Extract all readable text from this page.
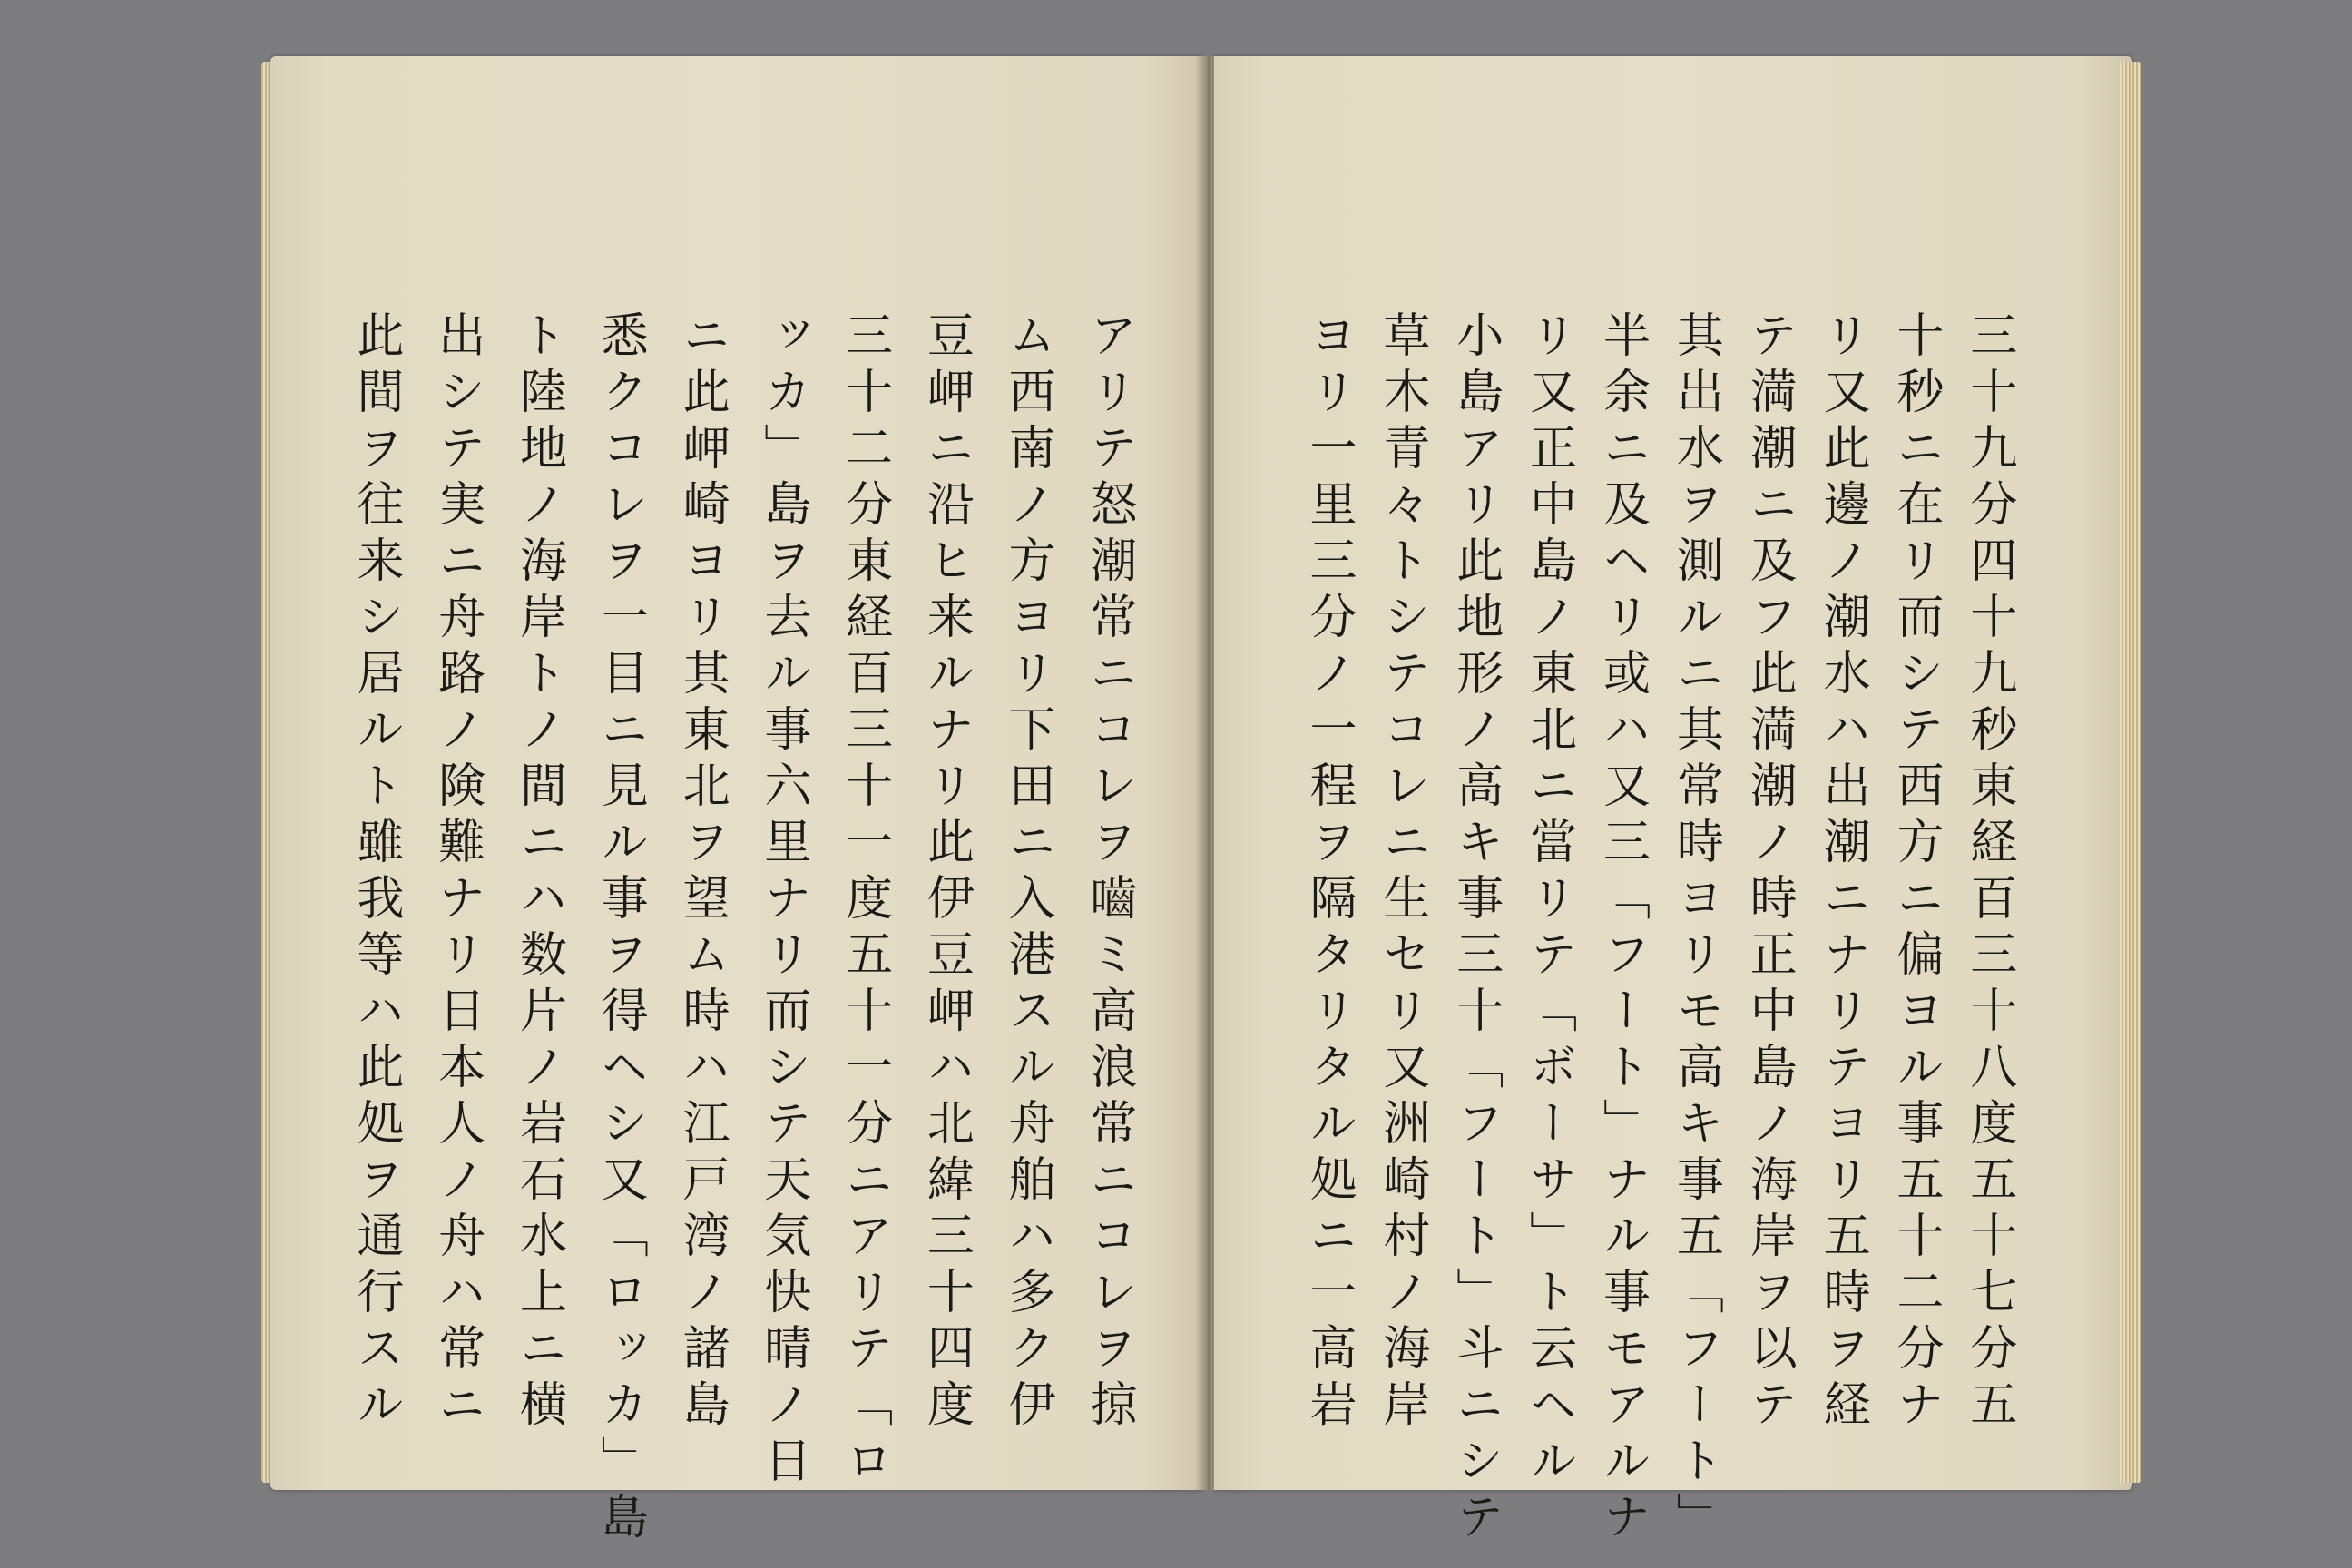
アリテ怒潮常ニコレヲ嚙ミ高浪常ニコレヲ掠
ム西南ノ方ヨリ下田ニ入港スル舟舶ハ多ク伊
豆岬ニ沿ヒ来ルナリ此伊豆岬ハ北緯三十四度
三十二分東経百三十一度五十一分ニアリテ「ロ
ッカ」島ヲ去ル事六里ナリ而シテ天気快晴ノ日
ニ此岬崎ヨリ其東北ヲ望ム時ハ江戸湾ノ諸島
悉クコレヲ一目ニ見ル事ヲ得ヘシ又「ロッカ」島
ト陸地ノ海岸トノ間ニハ数片ノ岩石水上ニ横
出シテ実ニ舟路ノ険難ナリ日本人ノ舟ハ常ニ
此間ヲ往来シ居ルト雖我等ハ此処ヲ通行スル	三十九分四十九秒東経百三十八度五十七分五
十秒ニ在リ而シテ西方ニ偏ヨル事五十二分ナ
リ又此邊ノ潮水ハ出潮ニナリテヨリ五時ヲ経
テ満潮ニ及フ此満潮ノ時正中島ノ海岸ヲ以テ
其出水ヲ測ルニ其常時ヨリモ高キ事五「フート」
半余ニ及ヘリ或ハ又三「フート」ナル事モアルナ
リ又正中島ノ東北ニ當リテ「ボーサ」ト云ヘル
小島アリ此地形ノ高キ事三十「フート」斗ニシテ
草木青々トシテコレニ生セリ又洲崎村ノ海岸
ヨリ一里三分ノ一程ヲ隔タリタル処ニ一高岩
